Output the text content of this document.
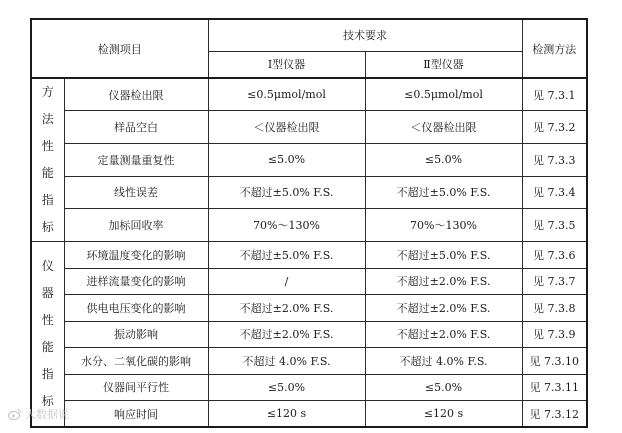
检测项目		技术要求		检测方法
		Ⅰ型仪器	Ⅱ型仪器	
方法性能指标	仪器检出限	≤0.5μmol/mol	≤0.5μmol/mol	见 7.3.1
	样品空白	＜仪器检出限	＜仪器检出限	见 7.3.2
	定量测量重复性	≤5.0%	≤5.0%	见 7.3.3
	线性误差	不超过±5.0% F.S.	不超过±5.0% F.S.	见 7.3.4
	加标回收率	70%～130%	70%～130%	见 7.3.5
仪器性能指标	环境温度变化的影响	不超过±5.0% F.S.	不超过±5.0% F.S.	见 7.3.6
	进样流量变化的影响	/	不超过±2.0% F.S.	见 7.3.7
	供电电压变化的影响	不超过±2.0% F.S.	不超过±2.0% F.S.	见 7.3.8
	振动影响	不超过±2.0% F.S.	不超过±2.0% F.S.	见 7.3.9
	水分、二氧化碳的影响	不超过 4.0% F.S.	不超过 4.0% F.S.	见 7.3.10
	仪器间平行性	≤5.0%	≤5.0%	见 7.3.11
	响应时间	≤120 s	≤120 s	见 7.3.12
大数据说
